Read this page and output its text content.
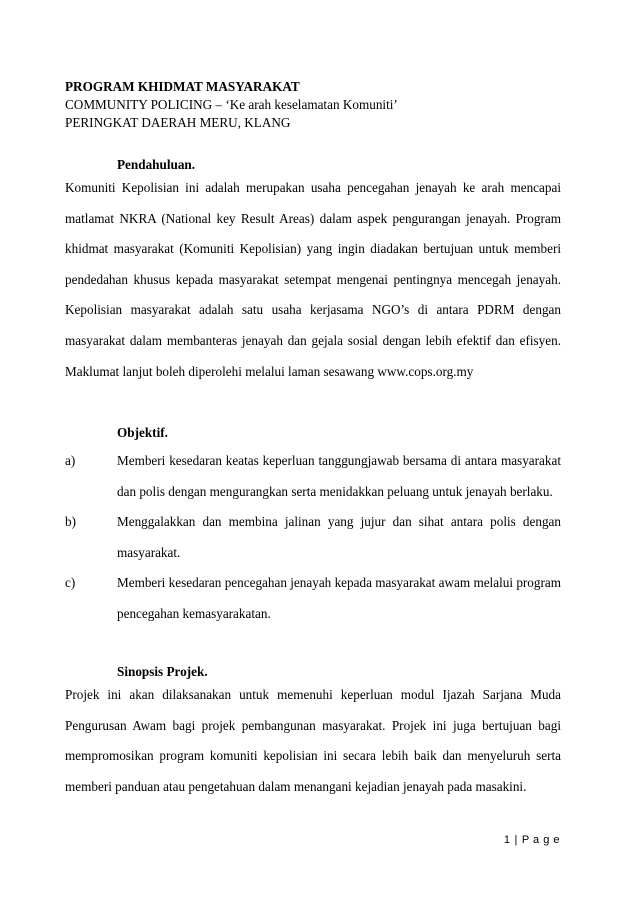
PROGRAM KHIDMAT MASYARAKAT
COMMUNITY POLICING – ‘Ke arah keselamatan Komuniti’
PERINGKAT DAERAH MERU, KLANG
Pendahuluan.
Komuniti Kepolisian ini adalah merupakan usaha pencegahan jenayah ke arah mencapai
matlamat NKRA (National key Result Areas) dalam aspek pengurangan jenayah. Program
khidmat masyarakat (Komuniti Kepolisian) yang ingin diadakan bertujuan untuk memberi
pendedahan khusus kepada masyarakat setempat mengenai pentingnya mencegah jenayah.
Kepolisian masyarakat adalah satu usaha kerjasama NGO’s di antara PDRM dengan
masyarakat dalam membanteras jenayah dan gejala sosial dengan lebih efektif dan efisyen.
Maklumat lanjut boleh diperolehi melalui laman sesawang www.cops.org.my
Objektif.
a)	Memberi kesedaran keatas keperluan tanggungjawab bersama di antara masyarakat
dan polis dengan mengurangkan serta menidakkan peluang untuk jenayah berlaku.
b)	Menggalakkan dan membina jalinan yang jujur dan sihat antara polis dengan
masyarakat.
c)	Memberi kesedaran pencegahan jenayah kepada masyarakat awam melalui program
pencegahan kemasyarakatan.
Sinopsis Projek.
Projek ini akan dilaksanakan untuk memenuhi keperluan modul Ijazah Sarjana Muda
Pengurusan Awam bagi projek pembangunan masyarakat. Projek ini juga bertujuan bagi
mempromosikan program komuniti kepolisian ini secara lebih baik dan menyeluruh serta
memberi panduan atau pengetahuan dalam menangani kejadian jenayah pada masakini.
1 | P a g e
